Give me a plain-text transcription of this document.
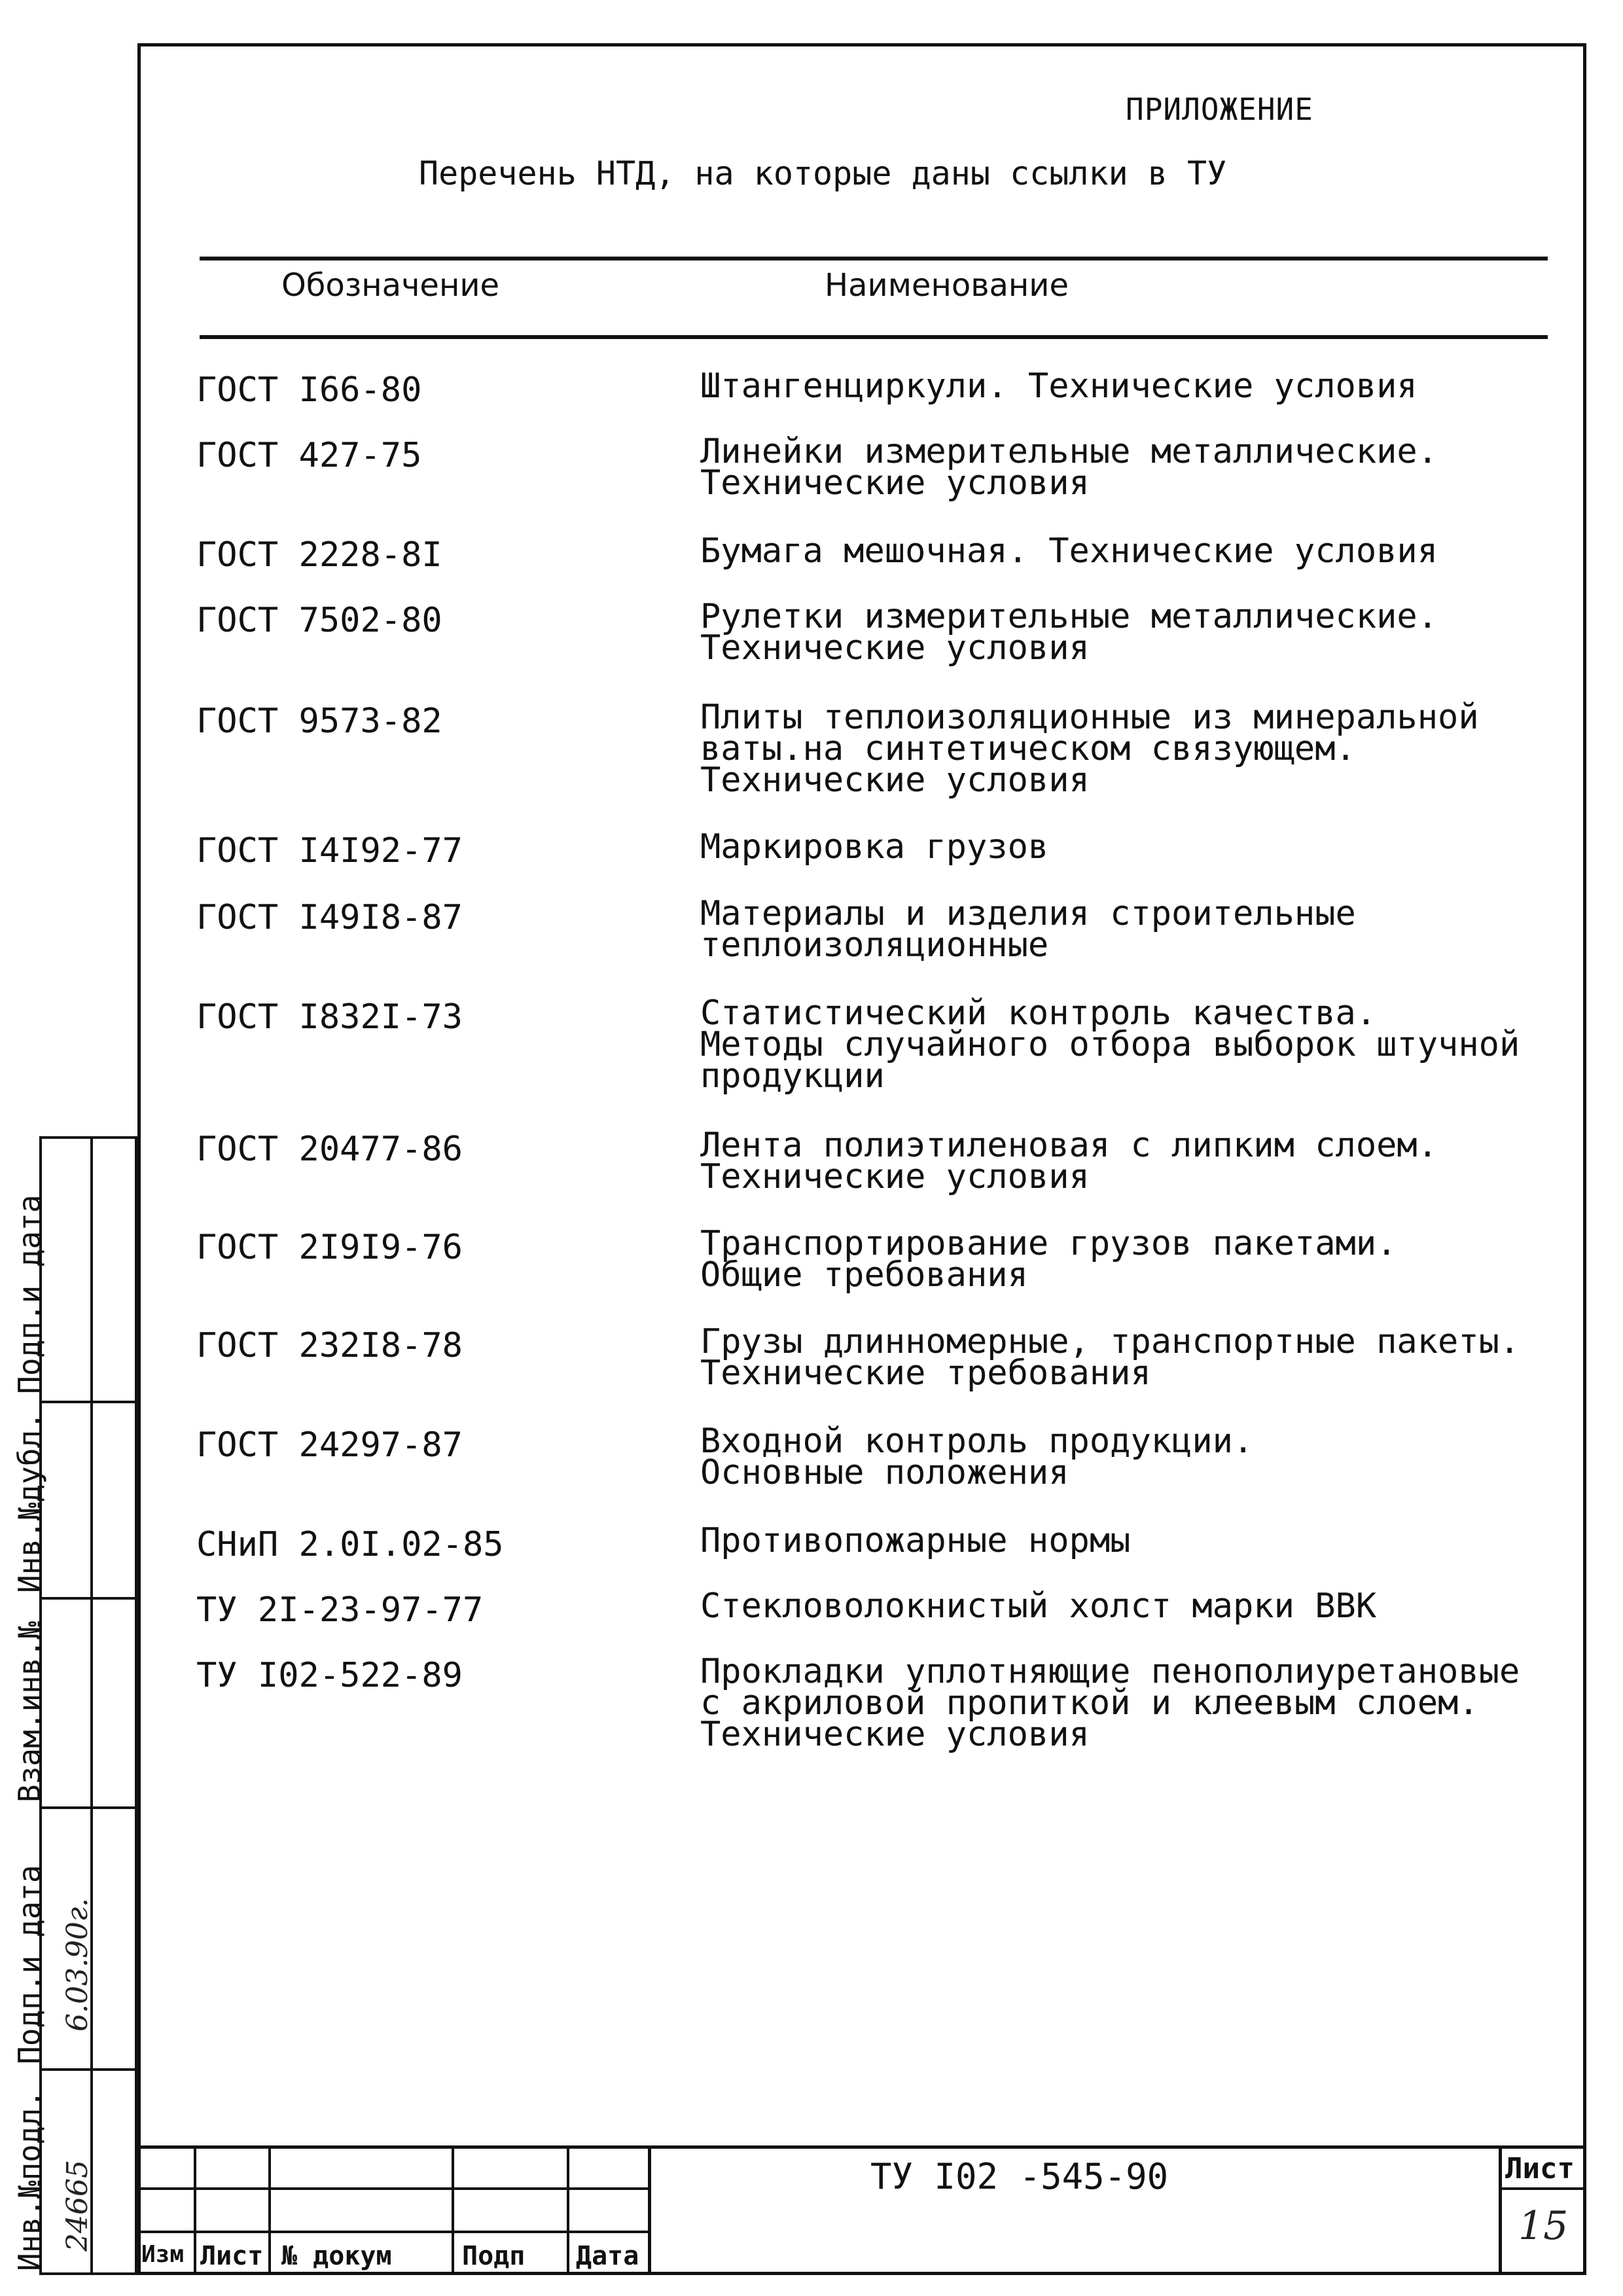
ПРИЛОЖЕНИЕ
Перечень НТД, на которые даны ссылки в ТУ
Обозначение	Наименование
ГОСТ I66-80	Штангенциркули. Технические условия
ГОСТ 427-75	Линейки измерительные металлические.
Технические условия
ГОСТ 2228-8I	Бумага мешочная. Технические условия
ГОСТ 7502-80	Рулетки измерительные металлические.
Технические условия
ГОСТ 9573-82	Плиты теплоизоляционные из минеральной
ваты.на синтетическом связующем.
Технические условия
ГОСТ I4I92-77	Маркировка грузов
ГОСТ I49I8-87	Материалы и изделия строительные
теплоизоляционные
ГОСТ I832I-73	Статистический контроль качества.
Методы случайного отбора выборок штучной
продукции
ГОСТ 20477-86	Лента полиэтиленовая с липким слоем.
Технические условия
ГОСТ 2I9I9-76	Транспортирование грузов пакетами.
Общие требования
ГОСТ 232I8-78	Грузы длинномерные, транспортные пакеты.
Технические требования
ГОСТ 24297-87	Входной контроль продукции.
Основные положения
СНиП 2.0I.02-85	Противопожарные нормы
ТУ 2I-23-97-77	Стекловолокнистый холст марки ВВК
ТУ I02-522-89	Прокладки уплотняющие пенополиуретановые
с акриловой пропиткой и клеевым слоем.
Технические условия
Подп.и дата
Инв.№дубл.
Взам.инв.№
Подп.и дата 6.03.90г.
Инв.№подл. 24665
Изм Лист № докум	Подп Дата
ТУ I02 -545-90	Лист
15
